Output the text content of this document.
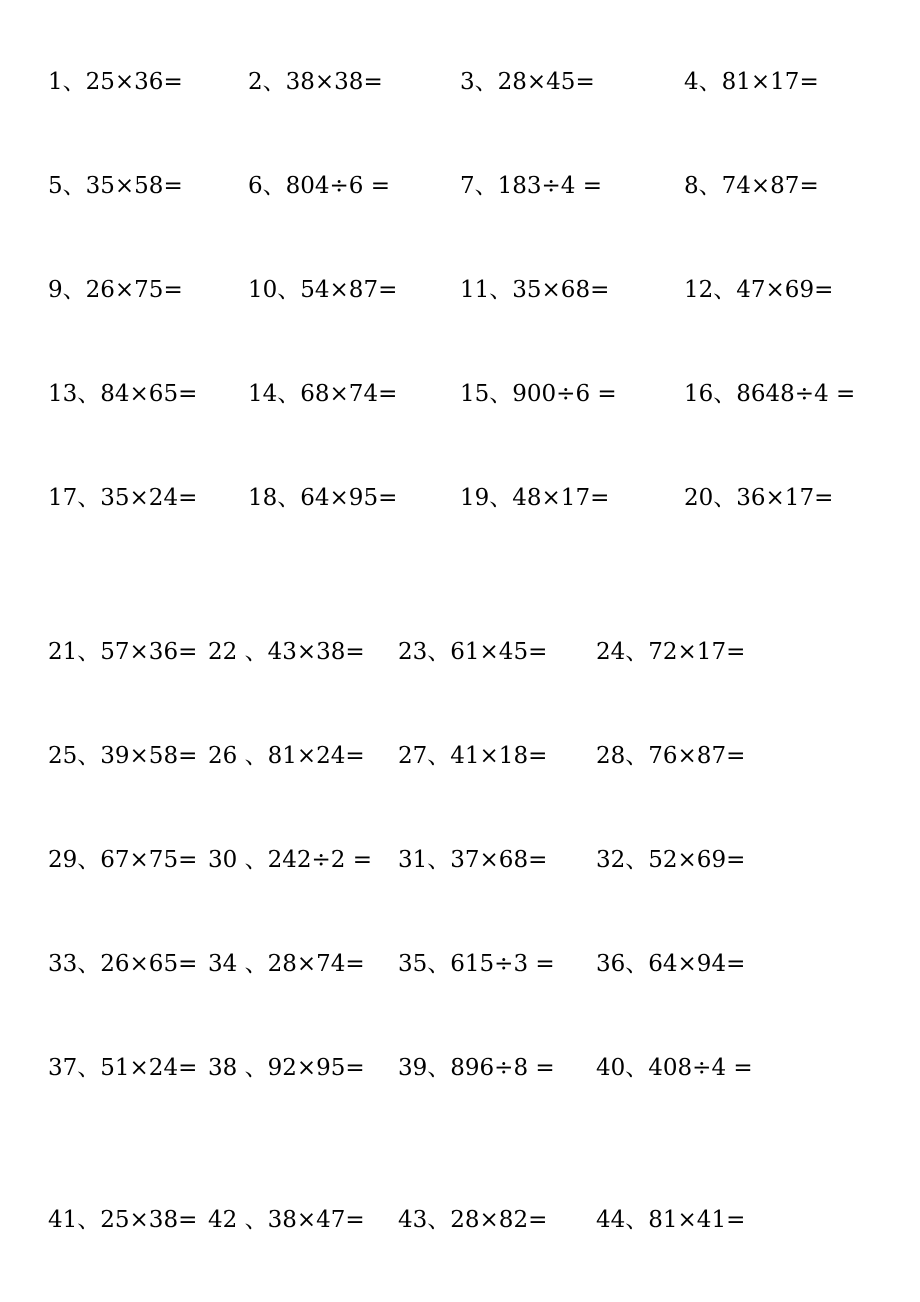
1、25×36=	2、38×38=	3、28×45=	4、81×17=
5、35×58=	6、804÷6 =	7、183÷4 =	8、74×87=
9、26×75=	10、54×87=	11、35×68=	12、47×69=
13、84×65= 14、68×74=	15、900÷6 =	16、8648÷4 =
17、35×24= 18、64×95=	19、48×17=	20、36×17=
21、57×36= 22 、43×38= 23、61×45= 24、72×17=
25、39×58= 26 、81×24= 27、41×18= 28、76×87=
29、67×75= 30 、242÷2 = 31、37×68= 32、52×69=
33、26×65= 34 、28×74= 35、615÷3 = 36、64×94=
37、51×24= 38 、92×95= 39、896÷8 = 40、408÷4 =
41、25×38= 42 、38×47= 43、28×82= 44、81×41=
